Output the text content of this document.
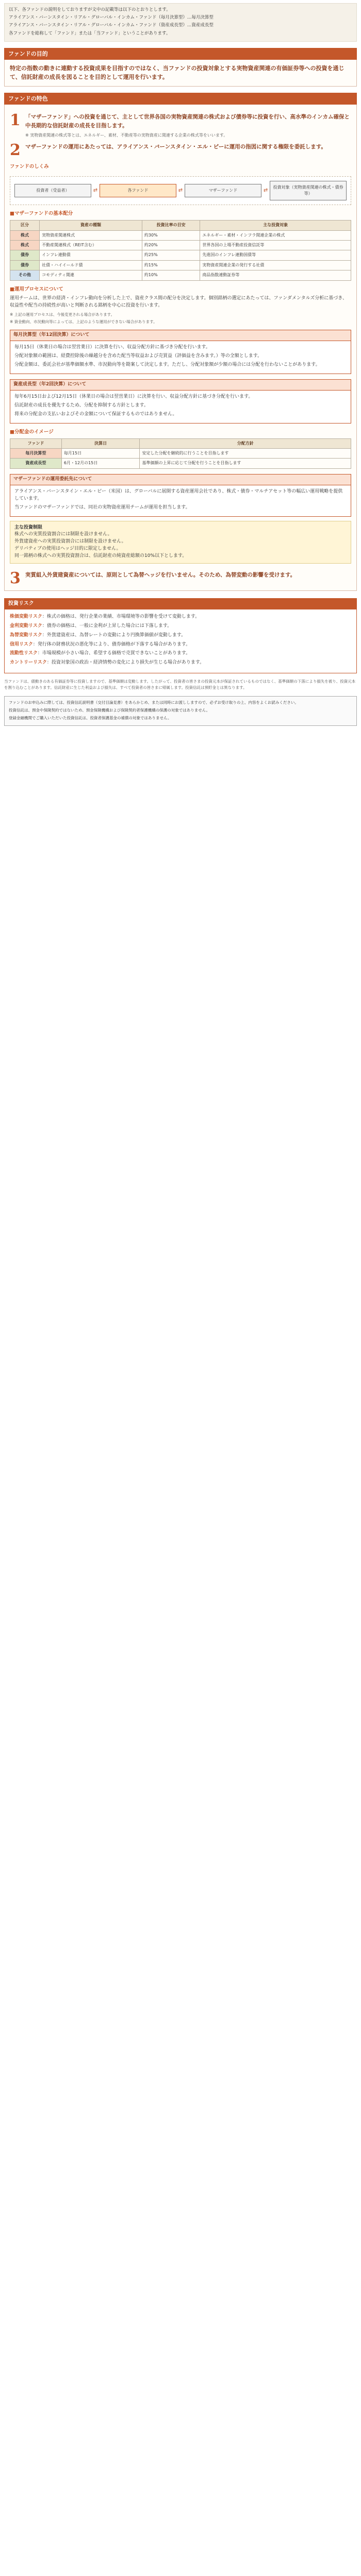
以下、各ファンドの説明をしておりますが文中の記載等は以下のとおりとします。

アライアンス・バーンスタイン・リアル・グローバル・インカム・ファンド（毎月決算型）…毎月決算型

アライアンス・バーンスタイン・リアル・グローバル・インカム・ファンド（資産成長型）…資産成長型

各ファンドを総称して「ファンド」または「当ファンド」ということがあります。

ファンドの目的

特定の指数の動きに連動する投資成果を目指すのではなく、当ファンドの投資対象とする実物資産関連の有価証券等への投資を通じて、信託財産の成長を図ることを目的として運用を行います。

ファンドの特色
1 「マザーファンド」への投資を通じて、主として世界各国の実物資産関連の株式および債券等に投資を行い、高水準のインカム確保と中長期的な信託財産の成長を目指します。

※ 実物資産関連の株式等とは、エネルギー、素材、不動産等の実物資産に関連する企業の株式等をいいます。

2 マザーファンドの運用にあたっては、アライアンス・バーンスタイン・エル・ピーに運用の指図に関する権限を委託します。
ファンドのしくみ
投資者（受益者）	⇄	各ファンド	⇄	マザーファンド	⇄
投資対象（実物資産関連の株式・債券等）
■マザーファンドの基本配分
区分	資産の種類	投資比率の目安	主な投資対象
株式	実物資産関連株式	約30%	エネルギー・素材・インフラ関連企業の株式
株式	不動産関連株式（REIT含む）	約20%	世界各国の上場不動産投資信託等
債券	インフレ連動債	約25%	先進国のインフレ連動国債等
債券	社債・ハイイールド債	約15%	実物資産関連企業の発行する社債
その他	コモディティ関連	約10%	商品指数連動証券等
■運用プロセスについて

運用チームは、世界の経済・インフレ動向を分析した上で、資産クラス間の配分を決定します。個別銘柄の選定にあたっては、ファンダメンタルズ分析に基づき、収益性や配当の持続性が高いと判断される銘柄を中心に投資を行います。

※ 上記の運用プロセスは、今後変更される場合があります。

※ 資金動向、市況動向等によっては、上記のような運用ができない場合があります。

毎月決算型（年12回決算）について

毎月15日（休業日の場合は翌営業日）に決算を行い、収益分配方針に基づき分配を行います。

分配対象額の範囲は、経費控除後の繰越分を含めた配当等収益および売買益（評価益を含みます。）等の全額とします。

分配金額は、委託会社が基準価額水準、市況動向等を勘案して決定します。ただし、分配対象額が少額の場合には分配を行わないことがあります。

資産成長型（年2回決算）について

毎年6月15日および12月15日（休業日の場合は翌営業日）に決算を行い、収益分配方針に基づき分配を行います。

信託財産の成長を優先するため、分配を抑制する方針とします。

将来の分配金の支払いおよびその金額について保証するものではありません。

■分配金のイメージ
ファンド	決算日	分配方針
毎月決算型	毎月15日	安定した分配を継続的に行うことを目指します
資産成長型	6月・12月の15日	基準価額の上昇に応じて分配を行うことを目指します
マザーファンドの運用委託先について

アライアンス・バーンスタイン・エル・ピー（米国）は、グローバルに展開する資産運用会社であり、株式・債券・マルチアセット等の幅広い運用戦略を提供しています。

当ファンドのマザーファンドでは、同社の実物資産運用チームが運用を担当します。

主な投資制限

株式への実質投資割合には制限を設けません。

外貨建資産への実質投資割合には制限を設けません。

デリバティブの使用はヘッジ目的に限定しません。

同一銘柄の株式への実質投資割合は、信託財産の純資産総額の10%以下とします。

3 実質組入外貨建資産については、原則として為替ヘッジを行いません。そのため、為替変動の影響を受けます。
投資リスク
株価変動リスク：株式の価格は、発行企業の業績、市場環境等の影響を受けて変動します。
金利変動リスク：債券の価格は、一般に金利が上昇した場合には下落します。
為替変動リスク：外貨建資産は、為替レートの変動により円換算価値が変動します。
信用リスク：発行体の財務状況の悪化等により、債券価格が下落する場合があります。
流動性リスク：市場規模が小さい場合、希望する価格で売買できないことがあります。
カントリーリスク：投資対象国の政治・経済情勢の変化により損失が生じる場合があります。

当ファンドは、値動きのある有価証券等に投資しますので、基準価額は変動します。したがって、投資者の皆さまの投資元本が保証されているものではなく、基準価額の下落により損失を被り、投資元本を割り込むことがあります。信託財産に生じた利益および損失は、すべて投資者の皆さまに帰属します。投資信託は預貯金とは異なります。

ファンドのお申込みに際しては、投資信託説明書（交付目論見書）をあらかじめ、または同時にお渡ししますので、必ずお受け取りの上、内容をよくお読みください。

投資信託は、預金や保険契約ではないため、預金保険機構および保険契約者保護機構の保護の対象ではありません。

登録金融機関でご購入いただいた投資信託は、投資者保護基金の補償の対象ではありません。
